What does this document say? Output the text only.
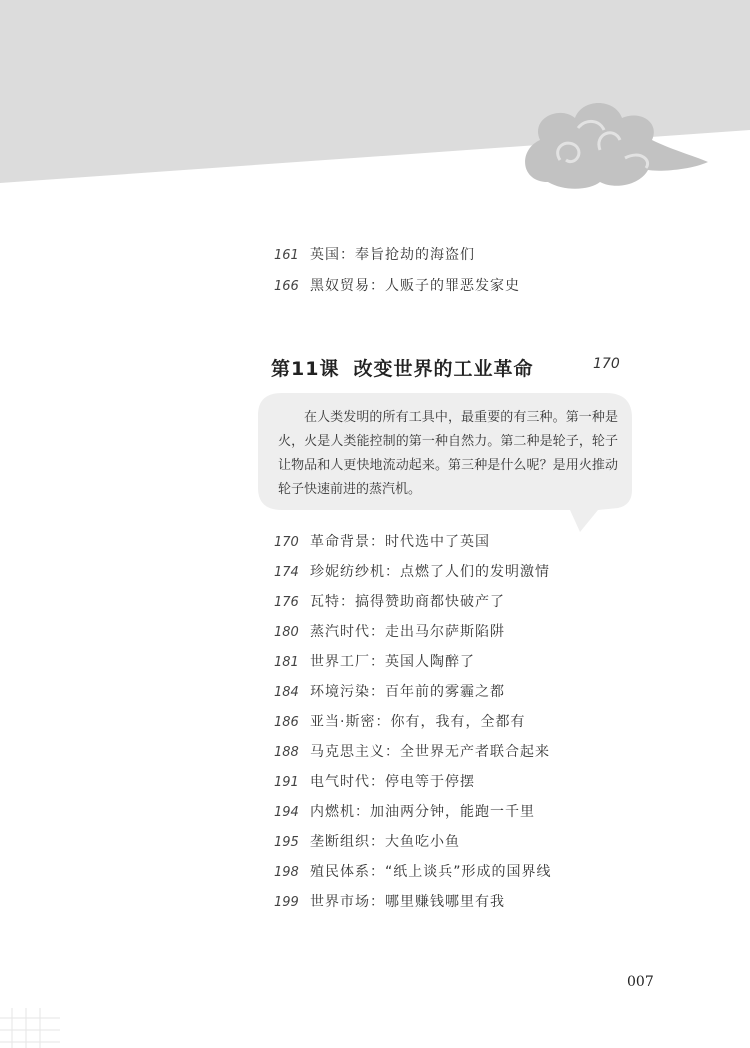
161 英国：奉旨抢劫的海盗们
166 黑奴贸易：人贩子的罪恶发家史
第11课 改变世界的工业革命	170
在人类发明的所有工具中，最重要的有三种。第一种是火，火是人类能控制的第一种自然力。第二种是轮子，轮子让物品和人更快地流动起来。第三种是什么呢？是用火推动轮子快速前进的蒸汽机。
170 革命背景：时代选中了英国
174 珍妮纺纱机：点燃了人们的发明激情
176 瓦特：搞得赞助商都快破产了
180 蒸汽时代：走出马尔萨斯陷阱
181 世界工厂：英国人陶醉了
184 环境污染：百年前的雾霾之都
186 亚当·斯密：你有，我有，全都有
188 马克思主义：全世界无产者联合起来
191 电气时代：停电等于停摆
194 内燃机：加油两分钟，能跑一千里
195 垄断组织：大鱼吃小鱼
198 殖民体系：“纸上谈兵”形成的国界线
199 世界市场：哪里赚钱哪里有我
007
